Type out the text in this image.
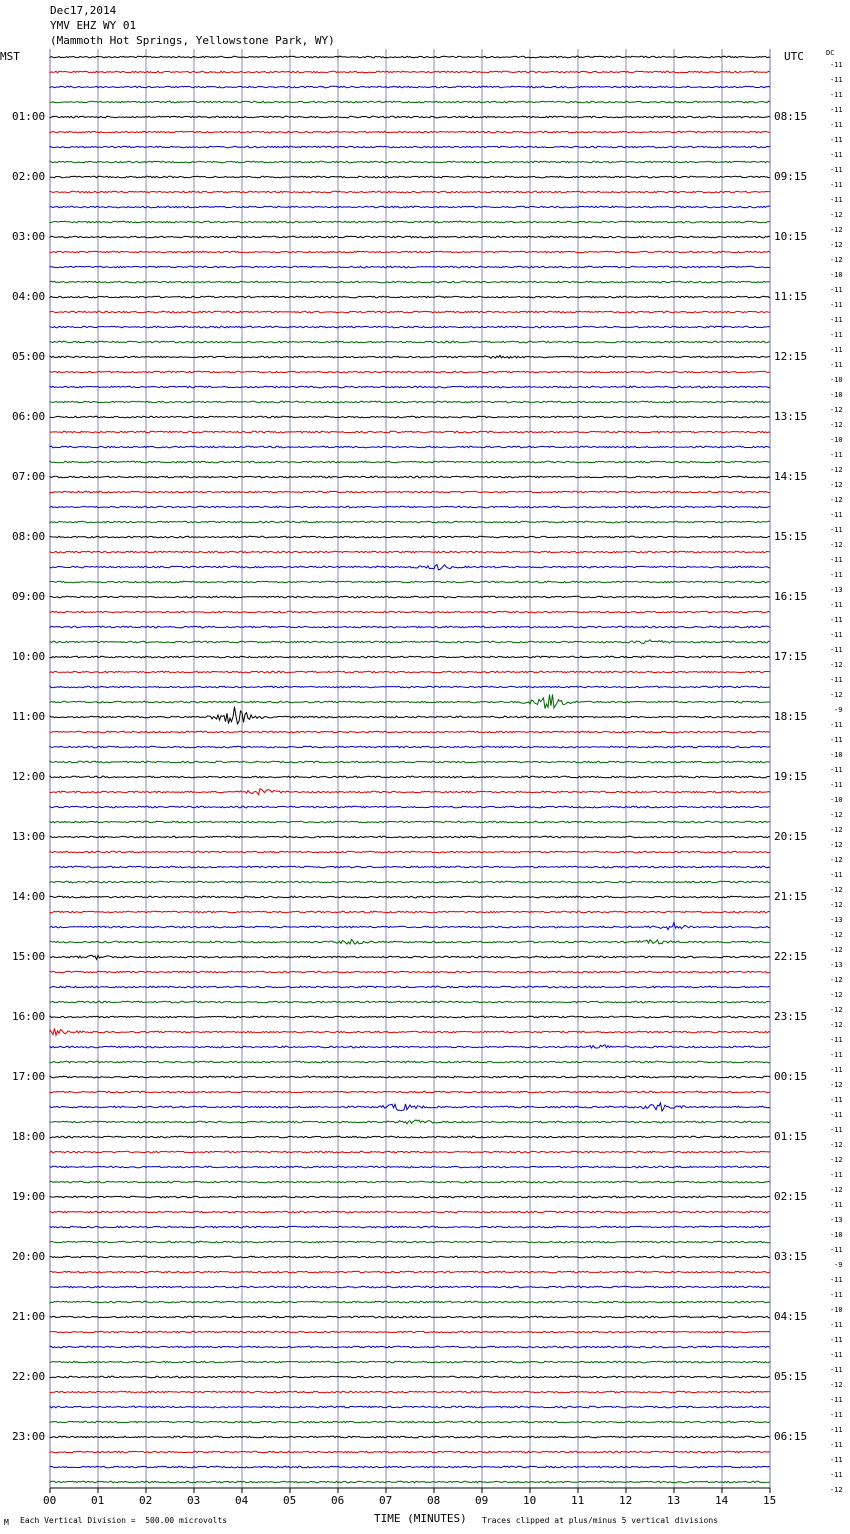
Dec17,2014
YMV EHZ WY 01
(Mammoth Hot Springs, Yellowstone Park, WY)
MST	UTC	DC
M Each Vertical Division =  500.00 microvolts	TIME (MINUTES) Traces clipped at plus/minus 5 vertical divisions
00	01	02	03	04	05	06	07	08	09	10	11	12	13	14	15
-11
-11
-11
-11
-11
-11
-11
-11
-11
-11
-12
-12
-12
-12
-10
-11
-11
-11
-11
-11
-11
-10
-10
-12
-12
-10
-11
-12
-12
-12
-11
-11
-12
-11
-11
-13
-11
-11
-11
-11
-12
-11
-12
-9
-11
-11
-10
-11
-11
-10
-12
-12
-12
-12
-11
-12
-12
-13
-12
-12
-13
-12
-12
-12
-12
-11
-11
-11
-12
-11
-11
-11
-12
-12
-11
-12
-11
-13
-10
-11
-9
-11
-11
-10
-11
-11
-11
-11
-12
-11
-11
-11
-11
-11
-11
-12
01:00	08:15
02:00	09:15
03:00	10:15
04:00	11:15
05:00	12:15
06:00	13:15
07:00	14:15
08:00	15:15
09:00	16:15
10:00	17:15
11:00	18:15
12:00	19:15
13:00	20:15
14:00	21:15
15:00	22:15
16:00	23:15
17:00	00:15
18:00	01:15
19:00	02:15
20:00	03:15
21:00	04:15
22:00	05:15
23:00	06:15
